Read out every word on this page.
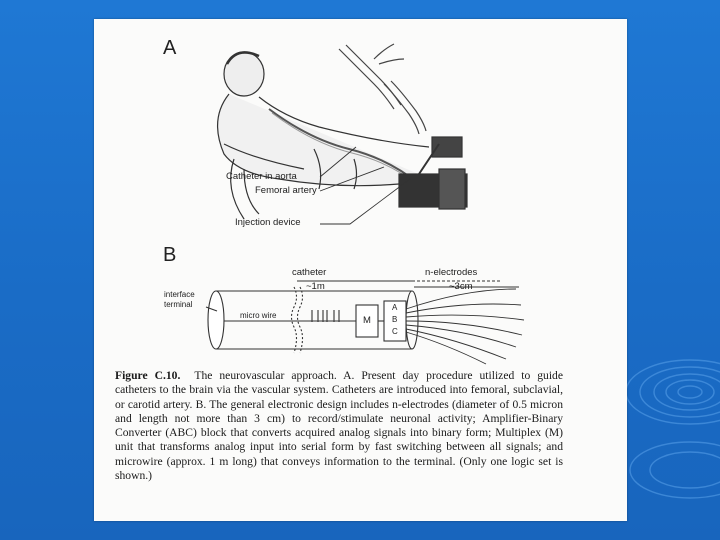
A
B
Catheter in aorta
Femoral artery
Injection device
catheter
~1m
n-electrodes
~3cm
interface
terminal
micro wire	M
A
B
C
Figure C.10. The neurovascular approach. A. Present day procedure utilized to guide catheters to the brain via the vascular system. Catheters are introduced into femoral, subclavial, or carotid artery. B. The general electronic design includes n-electrodes (diameter of 0.5 micron and length not more than 3 cm) to record/stimulate neuronal activity; Amplifier-Binary Converter (ABC) block that converts acquired analog signals into binary form; Multiplex (M) unit that transforms analog input into serial form by fast switching between all signals; and microwire (approx. 1 m long) that conveys information to the terminal. (Only one logic set is shown.)
